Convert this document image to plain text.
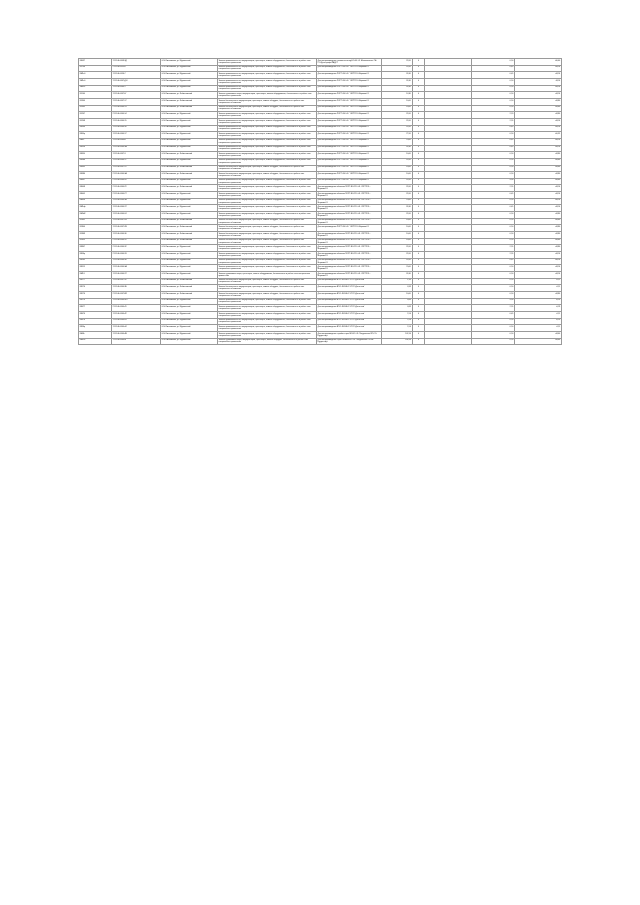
88037	17-19-Ч-0409-3Д	«Об Ивановском, уч. Мурманский	Замена промышленности, аккумуляторов, транспорта, замена оборудования, бесполезность в работе этих специального применения	Для воспроизведения стоимости катод-БО-00 «Ф. Многоканальн-ТН-СО-Дагестрофа-РАДСТ	22,00	4		0,50	-60,60
85706	27-19-Ч-0455-8	«Об Ивановском, уч. Мурманский	Замена промышленности, аккумуляторов, транспорта, замена оборудования, бесполезность в работе этих специального применения	Для воспроизведения ПОРТ-200 «Ф. YKPTPOL-Маркова»/1	22,00	4		0,45	-44,16
8M1x0	17-19-Ч-0456-7	«Об Ивановском, уч. Мурманский	Замена промышленности, аккумуляторов, транспорта, замена оборудования, бесполезность в работе этих специального применения	Для воспроизведения ПОРТ-200 «Ф. YKPTPOL-Маркова»/1	32,60	4		0,45	-44,16
9M1x0	17-19-Ч-0447-Д-8	«Об Ивановском, уч. Мурманский	Замена промышленности, аккумуляторов, транспорта, замена оборудования, бесполезность в работе этих специального применения	Для воспроизведения ПОРТ-200 «Ф. YKPTPOL-Маркова»/1	32,60	4		0,50	44,16
9M1x2	17-19-Ч-0440-1	«Об Ивановском, уч. Мурманский	Замена промышленности, аккумуляторов, транспорта, замена оборудования, бесполезность в работе этих специального применения	Для воспроизведения ПОРТ-200 «Ф. YKPTPOL-Маркова»/1	32,60	4		0,50	-44,16
85140	17-19-Ч-0447-IV	«Об Ивановском, уч. Фейвановский	Замена турмаливни-напри, аккумуляторов, транспорта, замена оборудования, бесполезность в работе этих специального применения	Для воспроизведения ПОРТ-200 «Ф. YKPTPOL-Маркова»/1	10,90	4		0,50	-44,16
85344	17-19-Ч-0447-17	«Об Ивановском, уч. Фейвановский	Замена бесполезность аккумуляторов, транспорта, замена оборудов., бесполезность в работе этих специального обновления	Для воспроизведения ПОРТ-200 «Ф. YKPTPOL-Маркова»/1	10,00	4		0,50	-44,80
85345	27-19-Ч-0440-13	«Об Ивановском, уч. Фейвановский	Замена бесполезность аккумуляторов, транспорта, замена оборудов., бесполезность в работе этих специального обновления	Для воспроизведения ПОРТ-200 «Ф. YKPTPOL-Маркова»/1	10,00	4		0,50	-44,80
85247	27-19-Ч-0440-14	«Об Ивановском, уч. Мурманский	Замена промышленности, аккумуляторов, транспорта, замена оборудования, бесполезность в работе этих специального применения	Для воспроизведения ПОРТ-200 «Ф. YKPTPOL-Маркова»/1	22,00	4		2,20	-44,80
85248	17-19-Ч-0440-15	«Об Ивановском, уч. Мурманский	Замена промышленности, аккумуляторов, транспорта, замена оборудования, бесполезность в работе этих специального применения	Для воспроизведения ПОРТ-200 «Ф. YKPTPOL-Маркова»/1	22,00	4		2,55	-44,16
88549	17-19-Ч-0440-16	«Об Ивановском, уч. Мурманский	Замена промышленности, аккумуляторов, транспорта, замена оборудования, бесполезность в работе этих специального применения	Для воспроизведения ПОРТ-200 «Ф. YKPTPOL-Маркова»/1	22,00	4		0,45	-44,16
8850p	17-19-Ч-0440-17	«Об Ивановском, уч. Мурманский	Замена промышленности, аккумуляторов, транспорта, замена оборудования, бесполезность в работе этих специального применения	Для воспроизведения ПОРТ-200 «Ф. YKPTPOL-Маркова»/1	77,00	4		0,50	-00,35
8M1c	17-19-Ч-0440-и	«Об Ивановском, уч. Мурманский	Замена промышленности, аккумуляторов, транспорта, замена оборудования, бесполезность в работе этих специального применения	Для воспроизведения ПОРТ-200 «Ф. YKPTPOL-Маркова»/1	70,00	4		0,45	-44,16
88556	17-19-Ч-0440-1А	«Об Ивановском, уч. Мурманский	Замена промышленности, аккумуляторов, транспорта, замена оборудования, бесполезность в работе этих специального применения	Для воспроизведения ПОРТ-200 «Ф. YKPTPOL-Маркова»/1	32,60	4		0,45	-44,16
88350	17-19-Ч-0447-3	«Об Ивановском, уч. Фейвановский	Замена промышленности, аккумуляторов, транспорта, замена оборудования, бесполезность в работе этих специального применения	Для воспроизведения ПОРТ-200 «Ф. YKPTPOL-Маркова»/1	10,00	4		0,50	-44,80
88386	17-19-Ч-0440-17	«Об Ивановском, уч. Мурманский	Замена промышленности, аккумуляторов, транспорта, замена оборудования, бесполезность в работе этих специального применения	Для воспроизведения ПОРТ-200 «Ф. YKPTPOL-Маркова»/1	22,00	4		0,50	-44,80
88305	17-19-Ч-0447-3Т	«Об Ивановском, уч. Фейвановский	Замена бесполезность аккумуляторов, транспорта, замена оборудов., бесполезность в работе этих специального обновления	Для воспроизведения ПОРТ-200 «Ф. YKPTPOL-Маркова»/1	10,00	4		0,50	-44,80
88386	27-19-Ч-0440-3А	«Об Ивановском, уч. Фейвановский	Замена бесполезность аккумуляторов, транспорта, замена оборудов., бесполезность в работе этих специального обновления	Для воспроизведения ПОРТ-200 «Ф. YKPTPOL-Маркова»/1	10,00	4		0,50	-44,80
88007	27-19-Ч-0440-20	«Об Ивановском, уч. Мурманский	Замена промышленности, аккумуляторов, транспорта, замена оборудования, бесполезность в работе этих специального применения	Для воспроизведения ПОРТ-200 «Ф. YKPTPOL-Маркова»/1	22,00	4		4,00	-44,80
88008	27-19-Ч-0440-2У	«Об Ивановском, уч. Фейвановский	Замена промышленности, аккумуляторов, транспорта, замена оборудования, бесполезность в работе этих специального применения	Для воспроизведения объектов ПОРТ-ВО-220 «Ф. YKPTPOL-Маркова»/1	22,00	4		2,55	-44,16
88005	27-19-Ч-0440-2Т	«Об Ивановском, уч. Мурманский	Замена промышленности, аккумуляторов, транспорта, замена оборудования, бесполезность в работе этих специального применения	Для воспроизведения объектов ПОРТ-ВО-220 «Ф. YKPTPOL-Маркова»/1	22,00	4		0,45	-44,16
8M1br	17-19-Ч-0440-3В	«Об Ивановском, уч. Мурманский	Замена промышленности, аккумуляторов, транспорта, замена оборудования, бесполезность в работе этих специального применения	Для воспроизведения объектов ПОРТ-ВО-220 «Ф. YKPTPOL-Маркова»/1	70,00	4		0,50	-44,16
8M1dp	17-19-Ч-0440-3Т	«Об Ивановском, уч. Мурманский	Замена промышленности, аккумуляторов, транспорта, замена оборудования, бесполезность в работе этих специального применения	Для воспроизведения объектов ПОРТ-ВО-220 «Ф. YKPTPOL-Маркова»/1	32,60	4		0,45	-44,16
8M3d2	17-19-Ч-0440-24	«Об Ивановском, уч. Мурманский	Замена промышленности, аккумуляторов, транспорта, замена оборудования, бесполезность в работе этих специального применения	Для воспроизведения объектов ПОРТ-ВО-220 «Ф. YKPTPOL-Маркова»/1	22,00	4		0,50	-44,80
85902	17-19-Ч-0447-2Я	«Об Ивановском, уч. Фейвановский	Замена бесполезность аккумуляторов, транспорта, замена оборудов., бесполезность в работе этих специального обновления	Для воспроизведения объектов ПОРТ-ВО-220 «Ф. YKPTPOL-Маркова»/1	10,00	4		0,50	-44,80
85904	17-19-Ч-0447-2В	«Об Ивановском, уч. Фейвановский	Замена бесполезность аккумуляторов, транспорта, замена оборудов., бесполезность в работе этих специального обновления	Для воспроизведения ПОРТ-200 «Ф. YKPTPOL-Маркова»/1	10,00	4		0,50	-44,80
85969	17-19-Ч-0440-30	«Об Ивановском, уч. Фейвановский	Замена бесполезность аккумуляторов, транспорта, замена оборудов., бесполезность в работе этих специального обновления	Для воспроизведения объектов ПОРТ-ВО-220 «Ф. YKPTPOL-Маркова»/1	10,00	4		0,50	-44,80
85955	27-19-Ч-0440-31	«Об Ивановском, уч. Фейвановский	Замена бесполезность аккумуляторов, транспорта, замена оборудов., бесполезность в работе этих специального обновления	Для воспроизведения объектов ПОРТ-ВО-220 «Ф. YKPTPOL-Маркова»/1	10,00	4		0,50	-44,80
88947	27-19-Ч-0440-32	«Об Ивановском, уч. Мурманский	Замена промышленности, аккумуляторов, транспорта, замена оборудования, бесполезность в работе этих специального применения	Для воспроизведения объектов ПОРТ-ВО-220 «Ф. YKPTPOL-Маркова»/1	22,00	4		2,55	-44,80
8856p	27-19-Ч-0440-33	«Об Ивановском, уч. Мурманский	Замена промышленности, аккумуляторов, транспорта, замена оборудования, бесполезность в работе этих специального применения	Для воспроизведения объектов ПОРТ-ВО-220 «Ф. YKPTPOL-Маркова»/1	22,00	4		2,55	-44,16
88595	17-19-Ч-0440-34	«Об Ивановском, уч. Мурманский	Замена промышленности, аккумуляторов, транспорта, замена оборудования, бесполезность в работе этих специального применения	Для воспроизведения объектов ПОРТ-ВО-220 «Ф. YKPTPOL-Маркова»/1	22,00	4		0,45	-44,16
88515	17-19-Ч-0440-3А	«Об Ивановском, уч. Мурманский	Замена промышленности, аккумуляторов, транспорта, замена оборудования, бесполезность в работе этих специального применения	Для воспроизведения объектов ПОРТ-ВО-220 «Ф. YKPTPOL-Маркова»/1	70,00	4		0,50	-44,16
8M17r	17-19-Ч-0440-3Т	«Об Ивановском, уч. Мурманский	Замена турмаливни-напри, транспорта, замена оборудования, бесполезность в работе этих специального применения	Для воспроизведения объектов ПОРТ-ВО-220 «Ф. YKPTPOL-Маркова»/1	32,60	4		0,50	-44,16
88177	17-19-Ч-0447-3У	«Об Ивановском, уч. Фейвановский	Замена бесполезность аккумуляторов, транспорта, замена оборудов., бесполезность в работе этих специального обновления	Для воспроизведения ВП-1 48-946-1 УЛ PC-Даглснюк/	1,95	4		0,50	-0,11
88176	17-19-Ч-0440-3Б	«Об Ивановском, уч. Фейвановский	Замена бесполезность аккумуляторов, транспорта, замена оборудов., бесполезность в работе этих специального обновления	Для воспроизведения ВП-1 48-946-1 УЛ PC-Даглснюк/	0,95	4		0,50	-0,11
88176	27-19-Ч-0447-8Я	«Об Ивановском, уч. Фейвановский	Замена бесполезность аккумуляторов, транспорта, замена оборудов., бесполезность в работе этих специального обновления	Для воспроизведения ВП-1 48-946-1 УЛ PC-Даглснюк/	10,00	4		0,50	-44,80
88174	17-19-Ч-0440-ЖО	«Об Ивановском, уч. Мурманский	Замена промышленности, аккумуляторов, транспорта, замена оборудования, бесполезность в работе этих специального применения	Для воспроизведения ВП-1 48-946-1 УЛ PC-Даглснюк/	0,85	4		4,00	-0,19
88077	27-19-Ч-0440-41	«Об Ивановском, уч. Мурманский	Замена промышленности, аккумуляторов, транспорта, замена оборудования, бесполезность в работе этих специального применения	Для воспроизведения ВП-1 48-946-1 УЛ PC-Даглснюк/	0,85	4		2,55	-0,19
88076	17-19-Ч-0440-42	«Об Ивановском, уч. Мурманский	Замена промышленности, аккумуляторов, транспорта, замена оборудования, бесполезность в работе этих специального применения	Для воспроизведения ВП-1 48-946-1 УЛ PC-Даглснюк/	7,00	4		0,45	-0,11
88076	17-19-Ч-0440-43	«Об Ивановском, уч. Мурманский	Замена промышленности, аккумуляторов, транспорта, замена оборудования, бесполезность в работе этих специального применения	Для воспроизведения ВП-1 48-946-1 УЛ PC-Даглснюк/	7,00	4		0,50	-0,19
8856p	17-19-Ч-0440-44	«Об Ивановском, уч. Мурманский	Замена промышленности, аккумуляторов, транспорта, замена оборудования, бесполезность в работе этих специального применения	Для воспроизведения ВП-1 48-946-1 УЛ PC-Даглснюк/	7,00	4		0,50	-0,11
8M4h	17-19-Ч-0440-4В	«Об Ивановском, уч. Мурманский	Замена промышленности, аккумуляторов, транспорта, замена оборудования, бесполезность в работе этих специального применения	Для воспроизведения стройки стран ВО-ВО «Ф. Погрузочная КП-СО-Бурдянову»	107,60	4		0,50	-44,60
8M1h2	17-19-Ч-0440-4Г	«Об Ивановском, уч. Мурманский	Замена турмаливни-напри, аккумуляторов, транспорта, замена оборудов., бесполезность в работе этих специального применения	Для воспроизведения стран-на-ванн-ВО «Ф. Погрузочная ПРОМ-Бурдянову»	101,60	4		0,50	-44,60
